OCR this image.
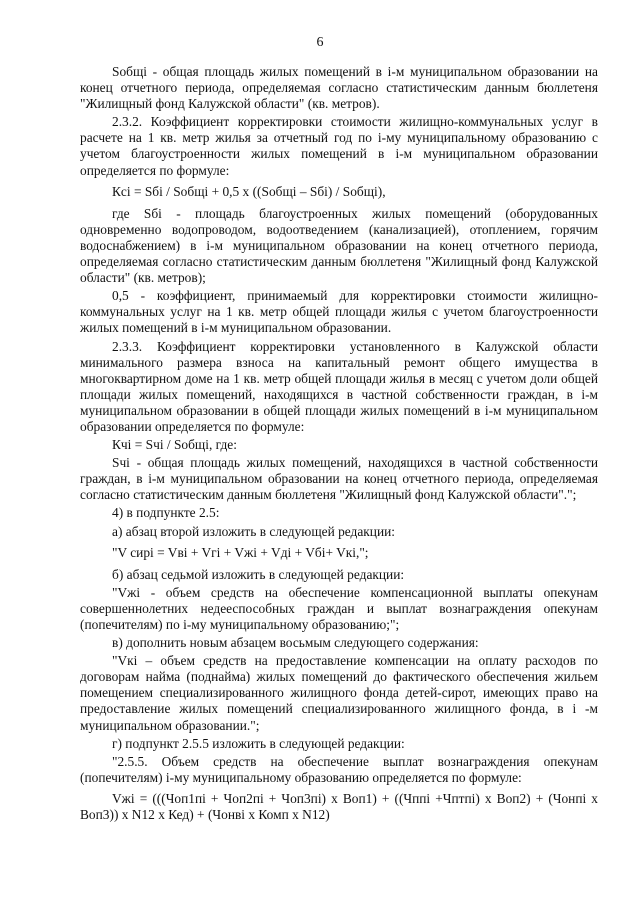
6

Sобщi - общая площадь жилых помещений в i-м муниципальном образовании на конец отчетного периода, определяемая согласно статистическим данным бюллетеня "Жилищный фонд Калужской области" (кв. метров).

2.3.2. Коэффициент корректировки стоимости жилищно-коммунальных услуг в расчете на 1 кв. метр жилья за отчетный год по i-му муниципальному образованию с учетом благоустроенности жилых помещений в i-м муниципальном образовании определяется по формуле:

Кci = Sбi / Sобщi + 0,5 х ((Sобщi – Sбi) / Sобщi),

где Sбi - площадь благоустроенных жилых помещений (оборудованных одновременно водопроводом, водоотведением (канализацией), отоплением, горячим водоснабжением) в i-м муниципальном образовании на конец отчетного периода, определяемая согласно статистическим данным бюллетеня "Жилищный фонд Калужской области" (кв. метров);

0,5 - коэффициент, принимаемый для корректировки стоимости жилищно-коммунальных услуг на 1 кв. метр общей площади жилья с учетом благоустроенности жилых помещений в i-м муниципальном образовании.

2.3.3. Коэффициент корректировки установленного в Калужской области минимального размера взноса на капитальный ремонт общего имущества в многоквартирном доме на 1 кв. метр общей площади жилья в месяц с учетом доли общей площади жилых помещений, находящихся в частной собственности граждан, в i-м муниципальном образовании в общей площади жилых помещений в i-м муниципальном образовании определяется по формуле:

Кчi = Sчi / Sобщi, где:

Sчi - общая площадь жилых помещений, находящихся в частной собственности граждан, в i-м муниципальном образовании на конец отчетного периода, определяемая согласно статистическим данным бюллетеня "Жилищный фонд Калужской области".";

4) в подпункте 2.5:

а) абзац второй изложить в следующей редакции:

"V сирi = Vвi + Vгi + Vжi + Vдi + Vбi+ Vкi,";

б) абзац седьмой изложить в следующей редакции:

"Vжi - объем средств на обеспечение компенсационной выплаты опекунам совершеннолетних недееспособных граждан и выплат вознаграждения опекунам (попечителям) по i-му муниципальному образованию;";

в) дополнить новым абзацем восьмым следующего содержания:

"Vкi – объем средств на предоставление компенсации на оплату расходов по договорам найма (поднайма) жилых помещений до фактического обеспечения жильем помещением специализированного жилищного фонда детей-сирот, имеющих право на предоставление жилых помещений специализированного жилищного фонда, в i -м муниципальном образовании.";

г) подпункт 2.5.5 изложить в следующей редакции:

"2.5.5. Объем средств на обеспечение выплат вознаграждения опекунам (попечителям) i-му муниципальному образованию определяется по формуле:

Vжi = (((Чоп1пi + Чоп2пi + Чоп3пi) х Воп1) + ((Чппi +Чптпi) х Воп2) + (Чонпi х Воп3)) х N12 х Кед) + (Чонвi х Комп х N12)
